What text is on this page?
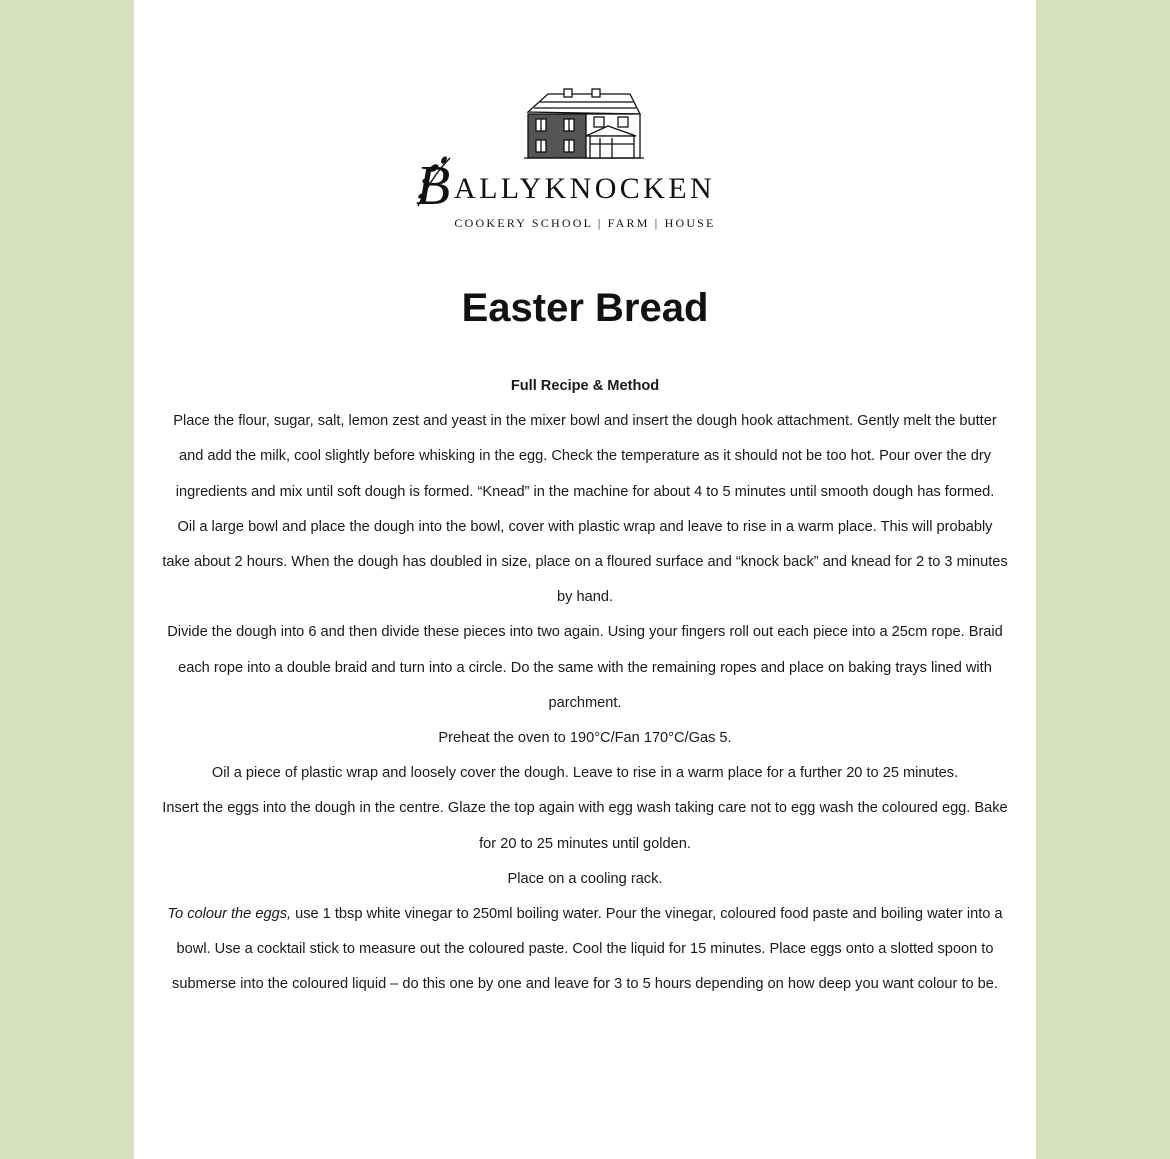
B ALLYKNOCKEN
COOKERY SCHOOL | FARM | HOUSE
Easter Bread

Full Recipe & Method

Place the flour, sugar, salt, lemon zest and yeast in the mixer bowl and insert the dough hook attachment. Gently melt the butter and add the milk, cool slightly before whisking in the egg. Check the temperature as it should not be too hot. Pour over the dry ingredients and mix until soft dough is formed. “Knead” in the machine for about 4 to 5 minutes until smooth dough has formed.

Oil a large bowl and place the dough into the bowl, cover with plastic wrap and leave to rise in a warm place. This will probably take about 2 hours. When the dough has doubled in size, place on a floured surface and “knock back” and knead for 2 to 3 minutes by hand.

Divide the dough into 6 and then divide these pieces into two again. Using your fingers roll out each piece into a 25cm rope. Braid each rope into a double braid and turn into a circle. Do the same with the remaining ropes and place on baking trays lined with parchment.

Preheat the oven to 190°C/Fan 170°C/Gas 5.

Oil a piece of plastic wrap and loosely cover the dough. Leave to rise in a warm place for a further 20 to 25 minutes.

Insert the eggs into the dough in the centre. Glaze the top again with egg wash taking care not to egg wash the coloured egg. Bake for 20 to 25 minutes until golden.

Place on a cooling rack.

To colour the eggs, use 1 tbsp white vinegar to 250ml boiling water. Pour the vinegar, coloured food paste and boiling water into a bowl. Use a cocktail stick to measure out the coloured paste. Cool the liquid for 15 minutes. Place eggs onto a slotted spoon to submerse into the coloured liquid – do this one by one and leave for 3 to 5 hours depending on how deep you want colour to be.
